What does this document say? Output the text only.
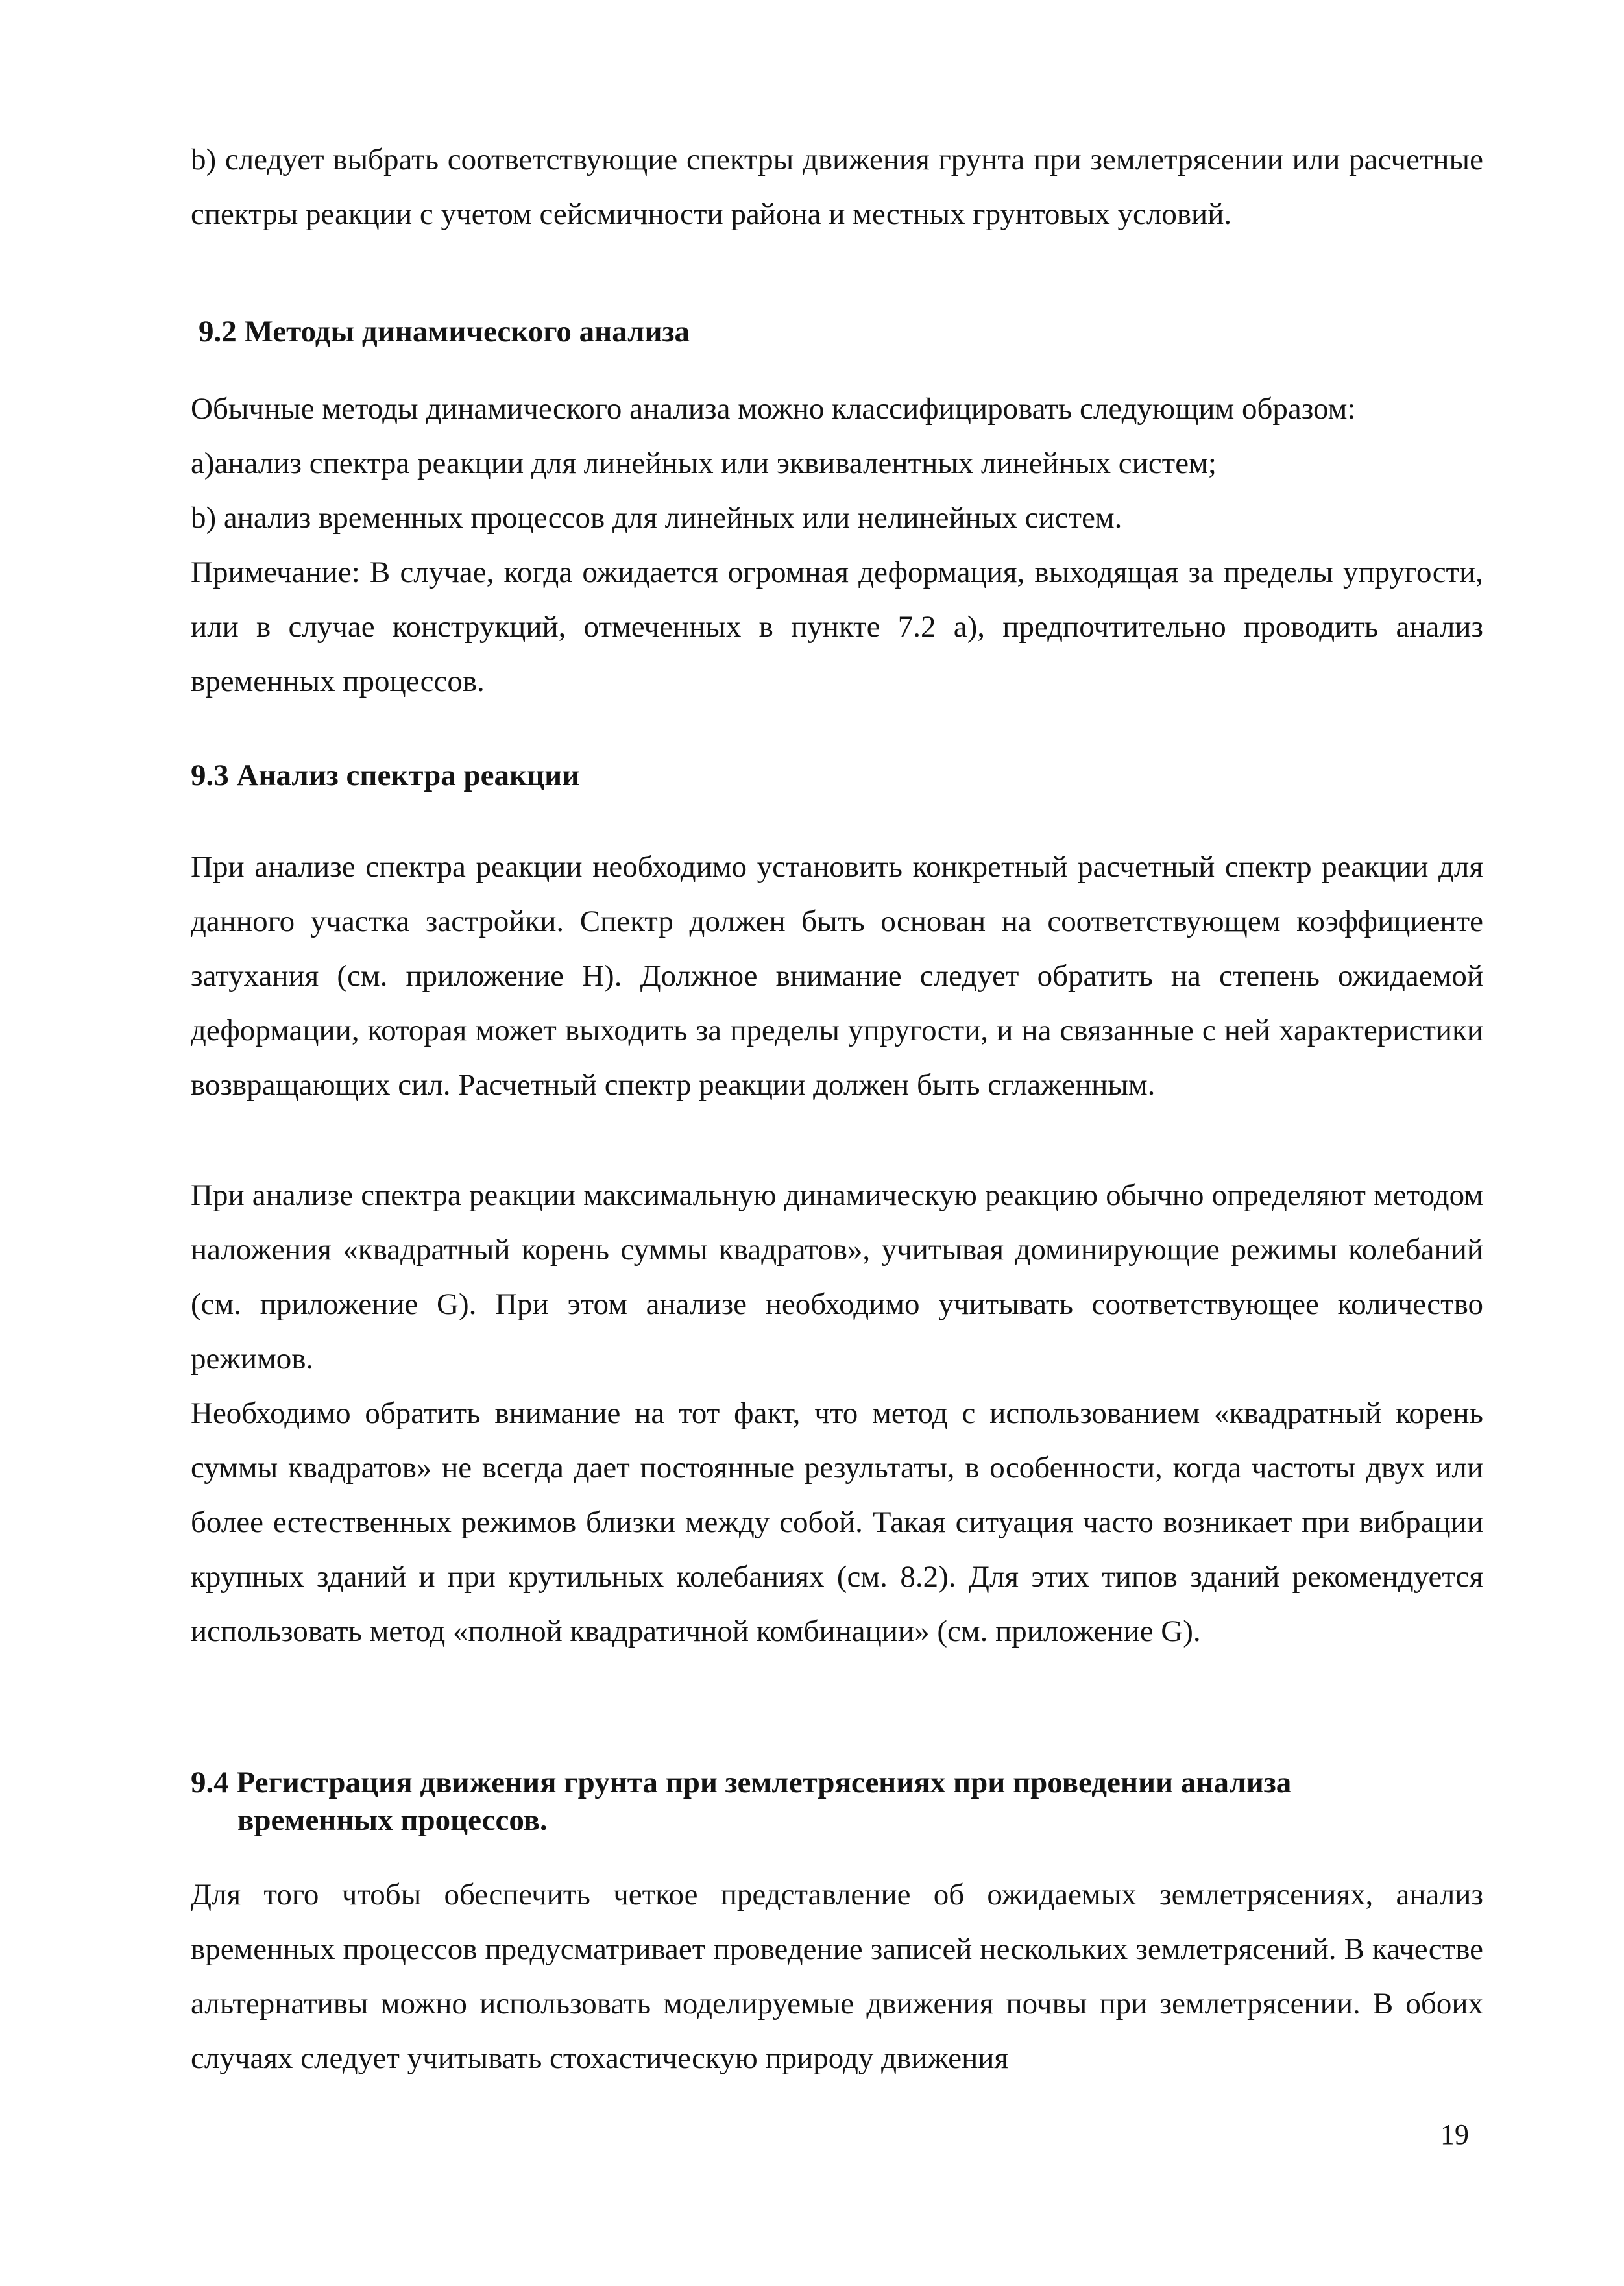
b) следует выбрать соответствующие спектры движения грунта при землетрясении или расчетные спектры реакции с учетом сейсмичности района и местных грунтовых условий.
9.2 Методы динамического анализа
Обычные методы динамического анализа можно классифицировать следующим образом:
а)анализ спектра реакции для линейных или эквивалентных линейных систем;
b) анализ временных процессов для линейных или нелинейных систем.
Примечание: В случае, когда ожидается огромная деформация, выходящая за пределы упругости, или в случае конструкций, отмеченных в пункте 7.2 а), предпочтительно проводить анализ временных процессов.
9.3 Анализ спектра реакции
При анализе спектра реакции необходимо установить конкретный расчетный спектр реакции для данного участка застройки. Спектр должен быть основан на соответствующем коэффициенте затухания (см. приложение Н). Должное внимание следует обратить на степень ожидаемой деформации, которая может выходить за пределы упругости, и на связанные с ней характеристики возвращающих сил. Расчетный спектр реакции должен быть сглаженным.
При анализе спектра реакции максимальную динамическую реакцию обычно определяют методом наложения «квадратный корень суммы квадратов», учитывая доминирующие режимы колебаний (см. приложение G). При этом анализе необходимо учитывать соответствующее количество режимов.
Необходимо обратить внимание на тот факт, что метод с использованием «квадратный корень суммы квадратов» не всегда дает постоянные результаты, в особенности, когда частоты двух или более естественных режимов близки между собой. Такая ситуация часто возникает при вибрации крупных зданий и при крутильных колебаниях (см. 8.2). Для этих типов зданий рекомендуется использовать метод «полной квадратичной комбинации» (см. приложение G).
9.4 Регистрация движения грунта при землетрясениях при проведении анализа
временных процессов.
Для того чтобы обеспечить четкое представление об ожидаемых землетрясениях, анализ временных процессов предусматривает проведение записей нескольких землетрясений. В качестве альтернативы можно использовать моделируемые движения почвы при землетрясении. В обоих случаях следует учитывать стохастическую природу движения
19
